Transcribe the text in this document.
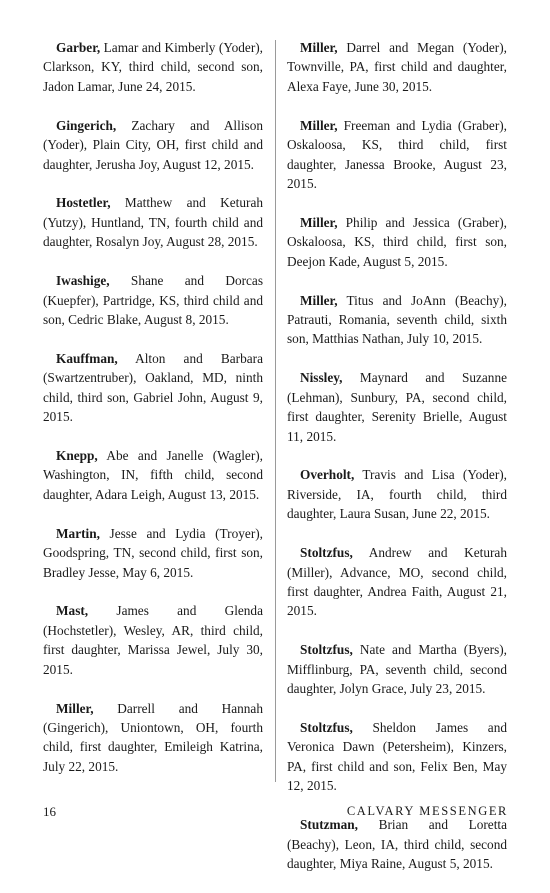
Garber, Lamar and Kimberly (Yoder), Clarkson, KY, third child, second son, Jadon Lamar, June 24, 2015.

Gingerich, Zachary and Allison (Yoder), Plain City, OH, first child and daughter, Jerusha Joy, August 12, 2015.

Hostetler, Matthew and Keturah (Yutzy), Huntland, TN, fourth child and daughter, Rosalyn Joy, August 28, 2015.

Iwashige, Shane and Dorcas (Kuepfer), Partridge, KS, third child and son, Cedric Blake, August 8, 2015.

Kauffman, Alton and Barbara (Swartzentruber), Oakland, MD, ninth child, third son, Gabriel John, August 9, 2015.

Knepp, Abe and Janelle (Wagler), Washington, IN, fifth child, second daughter, Adara Leigh, August 13, 2015.

Martin, Jesse and Lydia (Troyer), Goodspring, TN, second child, first son, Bradley Jesse, May 6, 2015.

Mast, James and Glenda (Hochstetler), Wesley, AR, third child, first daughter, Marissa Jewel, July 30, 2015.

Miller, Darrell and Hannah (Gingerich), Uniontown, OH, fourth child, first daughter, Emileigh Katrina, July 22, 2015.

Miller, Darrel and Megan (Yoder), Townville, PA, first child and daughter, Alexa Faye, June 30, 2015.

Miller, Freeman and Lydia (Graber), Oskaloosa, KS, third child, first daughter, Janessa Brooke, August 23, 2015.

Miller, Philip and Jessica (Graber), Oskaloosa, KS, third child, first son, Deejon Kade, August 5, 2015.

Miller, Titus and JoAnn (Beachy), Patrauti, Romania, seventh child, sixth son, Matthias Nathan, July 10, 2015.

Nissley, Maynard and Suzanne (Lehman), Sunbury, PA, second child, first daughter, Serenity Brielle, August 11, 2015.

Overholt, Travis and Lisa (Yoder), Riverside, IA, fourth child, third daughter, Laura Susan, June 22, 2015.

Stoltzfus, Andrew and Keturah (Miller), Advance, MO, second child, first daughter, Andrea Faith, August 21, 2015.

Stoltzfus, Nate and Martha (Byers), Mifflinburg, PA, seventh child, second daughter, Jolyn Grace, July 23, 2015.

Stoltzfus, Sheldon James and Veronica Dawn (Petersheim), Kinzers, PA, first child and son, Felix Ben, May 12, 2015.

Stutzman, Brian and Loretta (Beachy), Leon, IA, third child, second daughter, Miya Raine, August 5, 2015.

16	CALVARY MESSENGER
